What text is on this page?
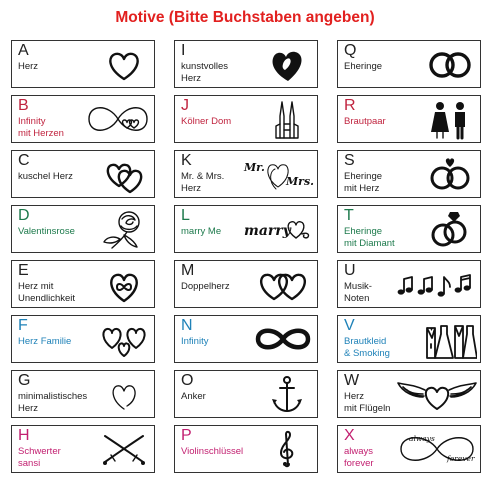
Motive (Bitte Buchstaben angeben)
A
Herz
B
Infinity
mit Herzen
C
kuschel Herz
D
Valentinsrose
E
Herz mit
Unendlichkeit
F
Herz Familie
G
minimalistisches
Herz
H
Schwerter
sansi
I
kunstvolles
Herz
J
Kölner Dom
K
Mr. & Mrs.
Herz
Mr.
Mrs.
L
marry Me	marry
M
Doppelherz
N
Infinity
O
Anker
P
Violinschlüssel
Q
Eheringe
R
Brautpaar
S
Eheringe
mit Herz
T
Eheringe
mit Diamant
U
Musik-
Noten
V
Brautkleid
& Smoking
W
Herz
mit Flügeln
X
always
forever
always
forever
